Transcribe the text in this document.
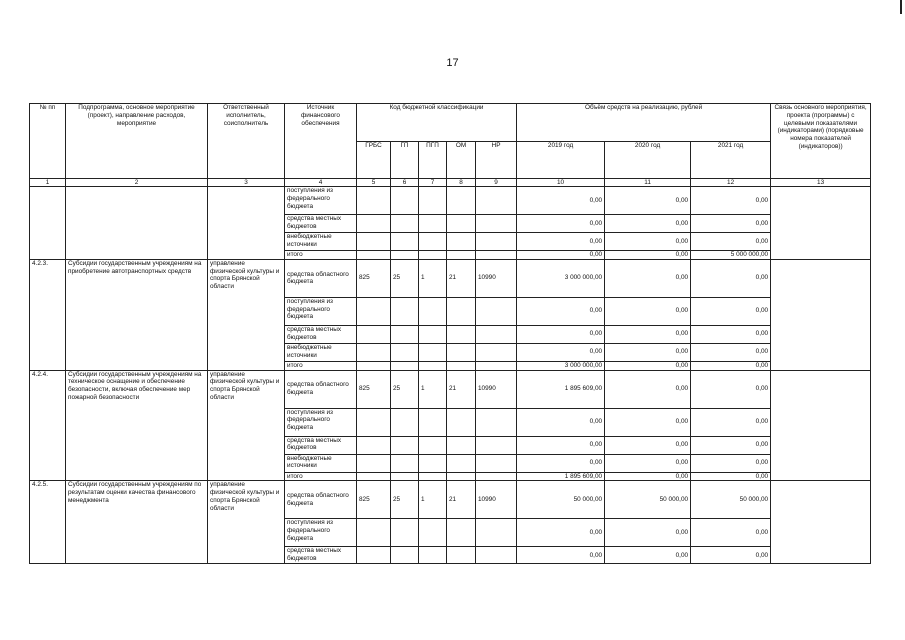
17
№ пп	Подпрограмма, основное мероприятие (проект), направление расходов, мероприятие	Ответственный исполнитель, соисполнитель	Источник финансового обеспечения	Код бюджетной классификации					Объём средств на реализацию, рублей			Связь основного мероприятия, проекта (программы) с целевыми показателями (индикаторами) (порядковые номера показателей (индикаторов))
				ГРБС	ГП	ПГП	ОМ	НР	2019 год	2020 год	2021 год	
1	2	3	4	5	6	7	8	9	10	11	12	13
			поступления из федерального бюджета						0,00	0,00	0,00	
			средства местных бюджетов						0,00	0,00	0,00	
			внебюджетные источники						0,00	0,00	0,00	
			итого						0,00	0,00	5 000 000,00	
4.2.3.	Субсидии государственным учреждениям на приобретение автотранспортных средств	управление физической культуры и спорта Брянской области	средства областного бюджета	825	25	1	21	10990	3 000 000,00	0,00	0,00	
			поступления из федерального бюджета						0,00	0,00	0,00	
			средства местных бюджетов						0,00	0,00	0,00	
			внебюджетные источники						0,00	0,00	0,00	
			итого						3 000 000,00	0,00	0,00	
4.2.4.	Субсидии государственным учреждениям на техническое оснащение и обеспечение безопасности, включая обеспечение мер пожарной безопасности	управление физической культуры и спорта Брянской области	средства областного бюджета	825	25	1	21	10990	1 895 609,00	0,00	0,00	
			поступления из федерального бюджета						0,00	0,00	0,00	
			средства местных бюджетов						0,00	0,00	0,00	
			внебюджетные источники						0,00	0,00	0,00	
			итого						1 895 609,00	0,00	0,00	
4.2.5.	Субсидии государственным учреждениям по результатам оценки качества финансового менеджмента	управление физической культуры и спорта Брянской области	средства областного бюджета	825	25	1	21	10990	50 000,00	50 000,00	50 000,00	
			поступления из федерального бюджета						0,00	0,00	0,00	
			средства местных бюджетов						0,00	0,00	0,00	
